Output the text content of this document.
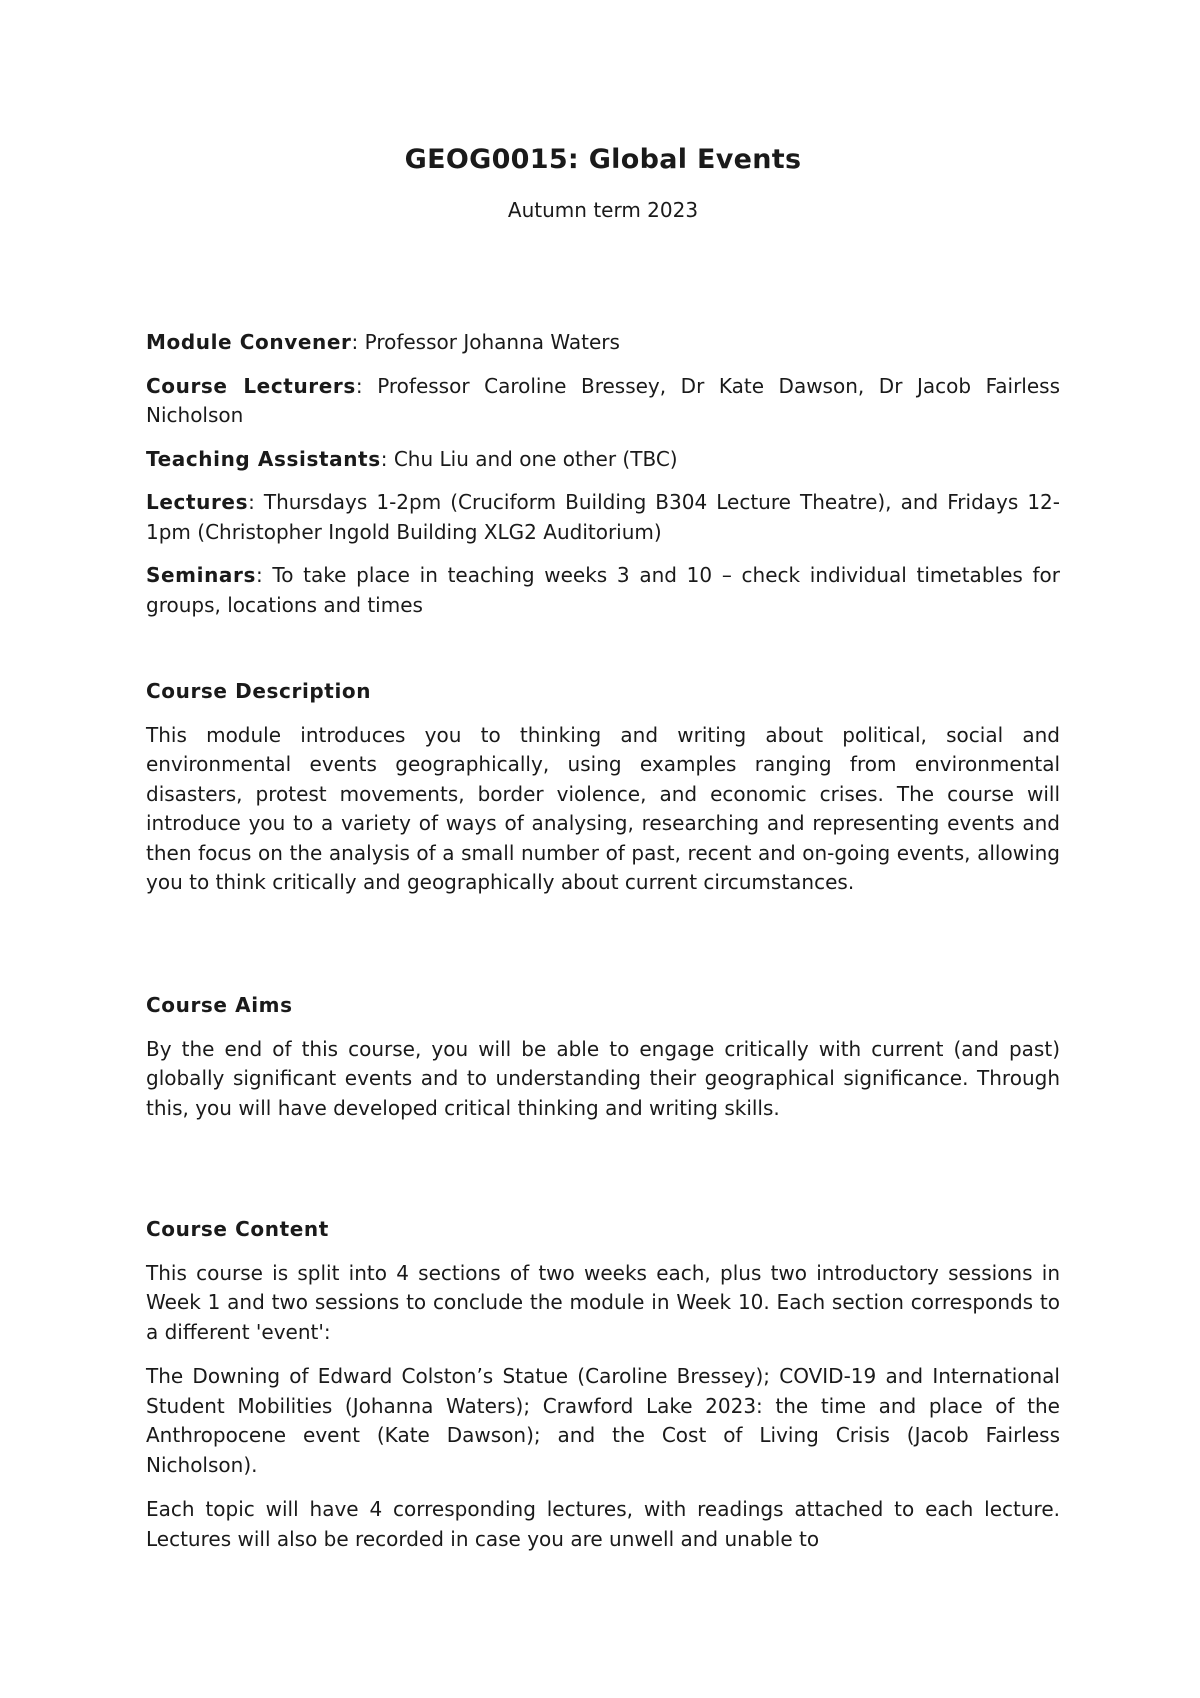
GEOG0015: Global Events
Autumn term 2023

Module Convener: Professor Johanna Waters

Course Lecturers: Professor Caroline Bressey, Dr Kate Dawson, Dr Jacob Fairless Nicholson

Teaching Assistants: Chu Liu and one other (TBC)

Lectures: Thursdays 1-2pm (Cruciform Building B304 Lecture Theatre), and Fridays 12-1pm (Christopher Ingold Building XLG2 Auditorium)

Seminars: To take place in teaching weeks 3 and 10 – check individual timetables for groups, locations and times

Course Description

This module introduces you to thinking and writing about political, social and environmental events geographically, using examples ranging from environmental disasters, protest movements, border violence, and economic crises. The course will introduce you to a variety of ways of analysing, researching and representing events and then focus on the analysis of a small number of past, recent and on-going events, allowing you to think critically and geographically about current circumstances.

Course Aims

By the end of this course, you will be able to engage critically with current (and past) globally significant events and to understanding their geographical significance. Through this, you will have developed critical thinking and writing skills.

Course Content

This course is split into 4 sections of two weeks each, plus two introductory sessions in Week 1 and two sessions to conclude the module in Week 10. Each section corresponds to a different 'event':

The Downing of Edward Colston’s Statue (Caroline Bressey); COVID-19 and International Student Mobilities (Johanna Waters); Crawford Lake 2023: the time and place of the Anthropocene event (Kate Dawson); and the Cost of Living Crisis (Jacob Fairless Nicholson).

Each topic will have 4 corresponding lectures, with readings attached to each lecture. Lectures will also be recorded in case you are unwell and unable to
